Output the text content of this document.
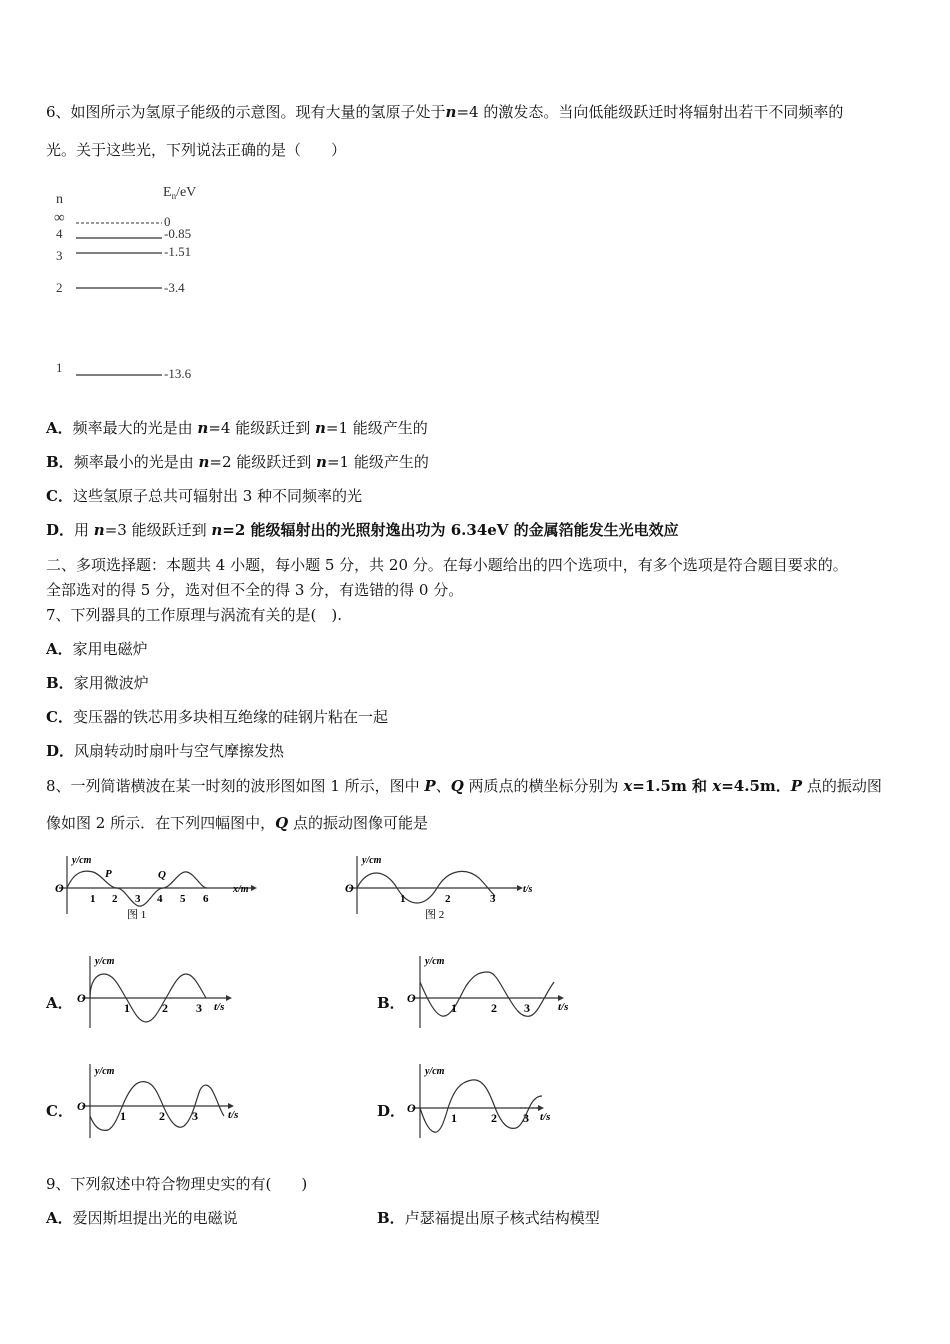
6、如图所示为氢原子能级的示意图。现有大量的氢原子处于n=4 的激发态。当向低能级跃迁时将辐射出若干不同频率的
光。关于这些光，下列说法正确的是（　　）
n	$E_n/eV$
∞	0
4	-0.85
3	-1.51
2	-3.4
1	-13.6
A．频率最大的光是由 n=4 能级跃迁到 n=1 能级产生的
B．频率最小的光是由 n=2 能级跃迁到 n=1 能级产生的
C．这些氢原子总共可辐射出 3 种不同频率的光
D．用 n=3 能级跃迁到 n=2 能级辐射出的光照射逸出功为 6.34eV 的金属箔能发生光电效应
二、多项选择题：本题共 4 小题，每小题 5 分，共 20 分。在每小题给出的四个选项中，有多个选项是符合题目要求的。
全部选对的得 5 分，选对但不全的得 3 分，有选错的得 0 分。
7、下列器具的工作原理与涡流有关的是(　).
A．家用电磁炉
B．家用微波炉
C．变压器的铁芯用多块相互绝缘的硅钢片粘在一起
D．风扇转动时扇叶与空气摩擦发热
8、一列简谐横波在某一时刻的波形图如图 1 所示，图中 P、Q 两质点的横坐标分别为 x=1.5m 和 x=4.5m．P 点的振动图
像如图 2 所示．在下列四幅图中，Q 点的振动图像可能是
y/cm
x/m
O
P	Q
1 2 3 4 5 6
图 1
y/cm
t/s
O
1	2	3
图 2
A．
y/cm
t/s
O
1	2 3	B．
y/cm
t/s
O
1	2 3
C．
y/cm
t/s
O
1	2 3	D．
y/cm
t/s
O
1	2 3
9、下列叙述中符合物理史实的有(　　)
A．爱因斯坦提出光的电磁说	B．卢瑟福提出原子核式结构模型
